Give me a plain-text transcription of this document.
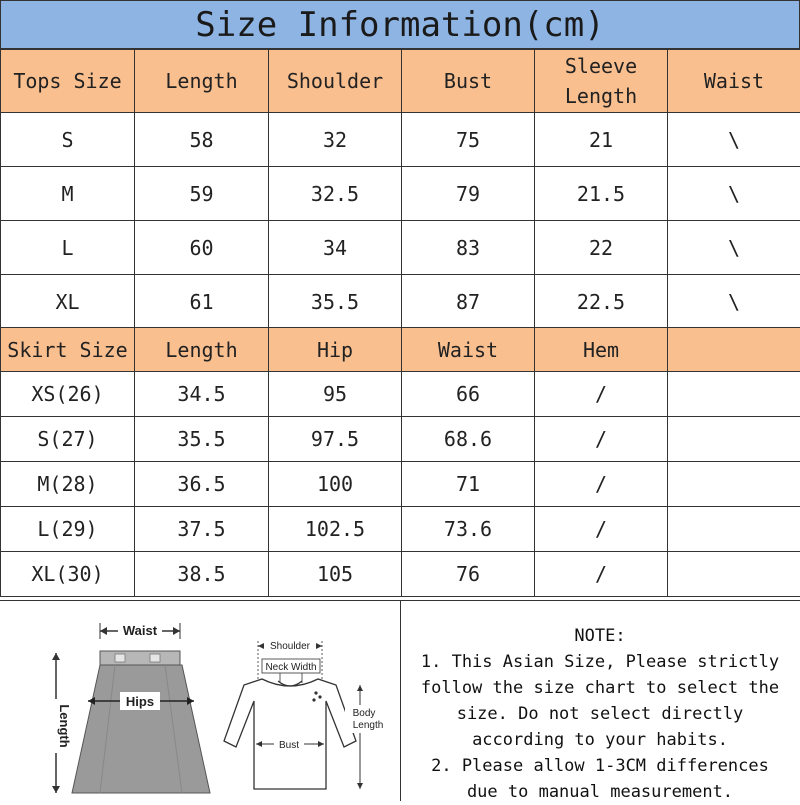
Size Information(cm)
Tops Size	Length	Shoulder	Bust	Sleeve Length	Waist
S	58	32	75	21	\
M	59	32.5	79	21.5	\
L	60	34	83	22	\
XL	61	35.5	87	22.5	\
Skirt Size	Length	Hip	Waist	Hem	
XS(26)	34.5	95	66	/	
S(27)	35.5	97.5	68.6	/	
M(28)	36.5	100	71	/	
L(29)	37.5	102.5	73.6	/	
XL(30)	38.5	105	76	/	
Waist
Hips
Length
Shoulder
Neck Width
Body
Length
Bust

NOTE:

1. This Asian Size, Please strictly

follow the size chart to select the

size. Do not select directly

according to your habits.

2. Please allow 1-3CM differences

due to manual measurement.
